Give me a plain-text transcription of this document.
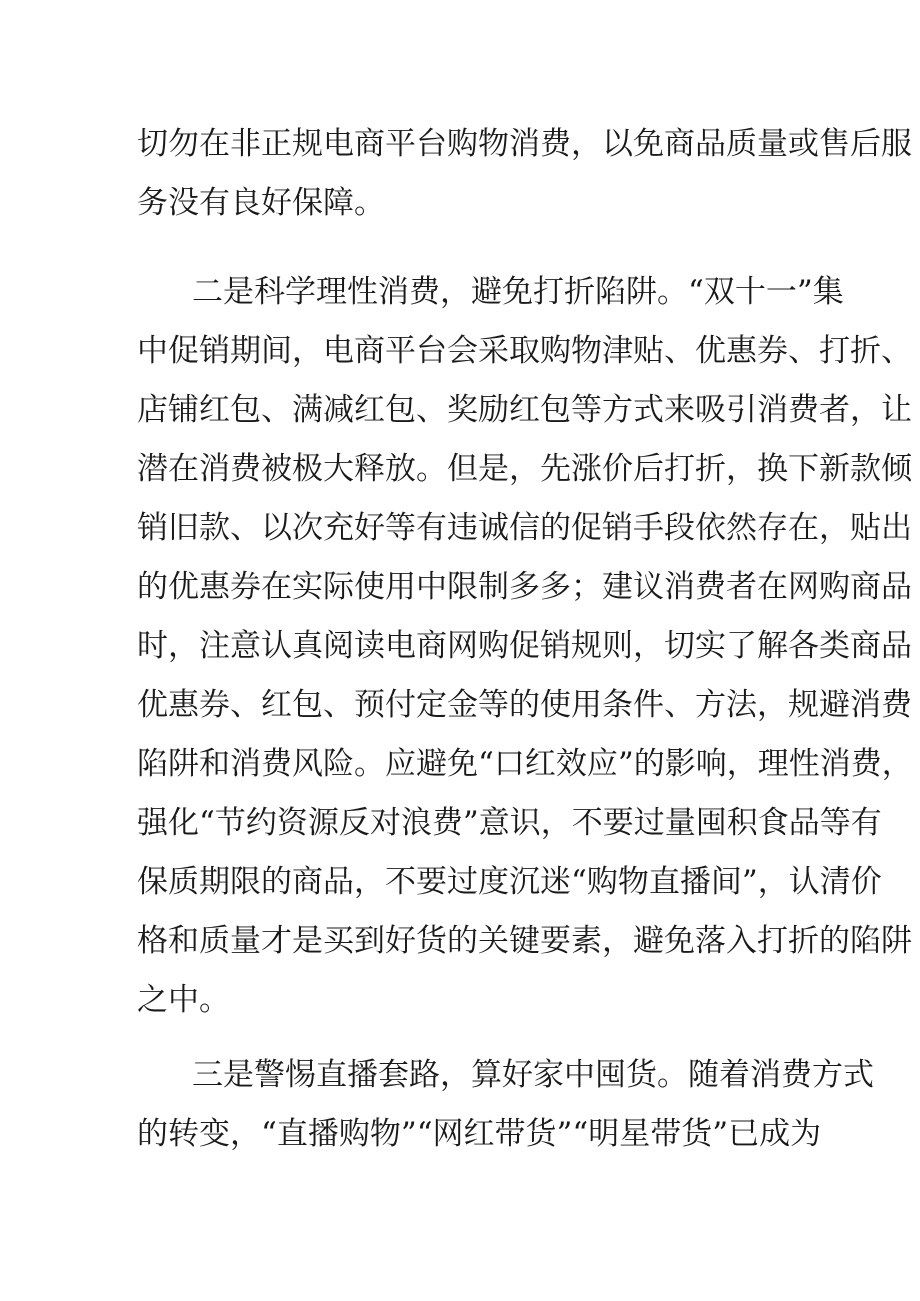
切勿在非正规电商平台购物消费，以免商品质量或售后服
务没有良好保障。
二是科学理性消费，避免打折陷阱。“双十一”集
中促销期间，电商平台会采取购物津贴、优惠券、打折、
店铺红包、满减红包、奖励红包等方式来吸引消费者，让
潜在消费被极大释放。但是，先涨价后打折，换下新款倾
销旧款、以次充好等有违诚信的促销手段依然存在，贴出
的优惠券在实际使用中限制多多；建议消费者在网购商品
时，注意认真阅读电商网购促销规则，切实了解各类商品
优惠券、红包、预付定金等的使用条件、方法，规避消费
陷阱和消费风险。应避免“口红效应”的影响，理性消费，
强化“节约资源反对浪费”意识，不要过量囤积食品等有
保质期限的商品，不要过度沉迷“购物直播间”，认清价
格和质量才是买到好货的关键要素，避免落入打折的陷阱
之中。
三是警惕直播套路，算好家中囤货。随着消费方式
的转变，“直播购物”“网红带货”“明星带货”已成为
